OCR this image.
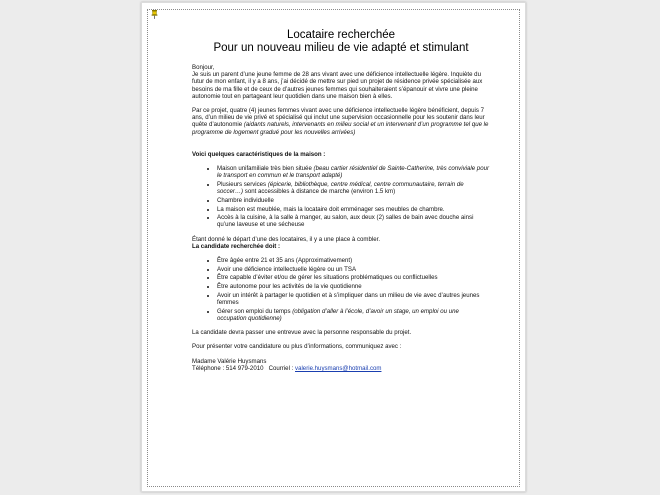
Locataire recherchée
Pour un nouveau milieu de vie adapté et stimulant
Bonjour,

Je suis un parent d’une jeune femme de 28 ans vivant avec une déficience intellectuelle légère. Inquiète du futur de mon enfant, il y a 8 ans, j’ai décidé de mettre sur pied un projet de résidence privée spécialisée aux besoins de ma fille et de ceux de d’autres jeunes femmes qui souhaiteraient s’épanouir et vivre une pleine autonomie tout en partageant leur quotidien dans une maison bien à elles.

Par ce projet, quatre (4) jeunes femmes vivant avec une déficience intellectuelle légère bénéficient, depuis 7 ans, d’un milieu de vie privé et spécialisé qui inclut une supervision occasionnelle pour les soutenir dans leur quête d’autonomie (aidants naturels, intervenants en milieu social et un intervenant d’un programme tel que le programme de logement gradué pour les nouvelles arrivées)

Voici quelques caractéristiques de la maison :

• Maison unifamiliale très bien située (beau cartier résidentiel de Sainte-Catherine, très conviviale pour le transport en commun et le transport adapté)
• Plusieurs services (épicerie, bibliothèque, centre médical, centre communautaire, terrain de soccer…) sont accessibles à distance de marche (environ 1.5 km)
• Chambre individuelle
• La maison est meublée, mais la locataire doit emménager ses meubles de chambre.
• Accès à la cuisine, à la salle à manger, au salon, aux deux (2) salles de bain avec douche ainsi qu’une laveuse et une sécheuse
Étant donné le départ d’une des locataires, il y a une place à combler.

La candidate recherchée doit :

• Être âgée entre 21 et 35 ans (Approximativement)
• Avoir une déficience intellectuelle légère ou un TSA
• Être capable d’éviter et/ou de gérer les situations problématiques ou conflictuelles
• Être autonome pour les activités de la vie quotidienne
• Avoir un intérêt à partager le quotidien et à s’impliquer dans un milieu de vie avec d’autres jeunes femmes
• Gérer son emploi du temps (obligation d’aller à l’école, d’avoir un stage, un emploi ou une occupation quotidienne)

La candidate devra passer une entrevue avec la personne responsable du projet.

Pour présenter votre candidature ou plus d’informations, communiquez avec :

Madame Valérie Huysmans
Téléphone : 514 979-2010 Courriel : valerie.huysmans@hotmail.com
